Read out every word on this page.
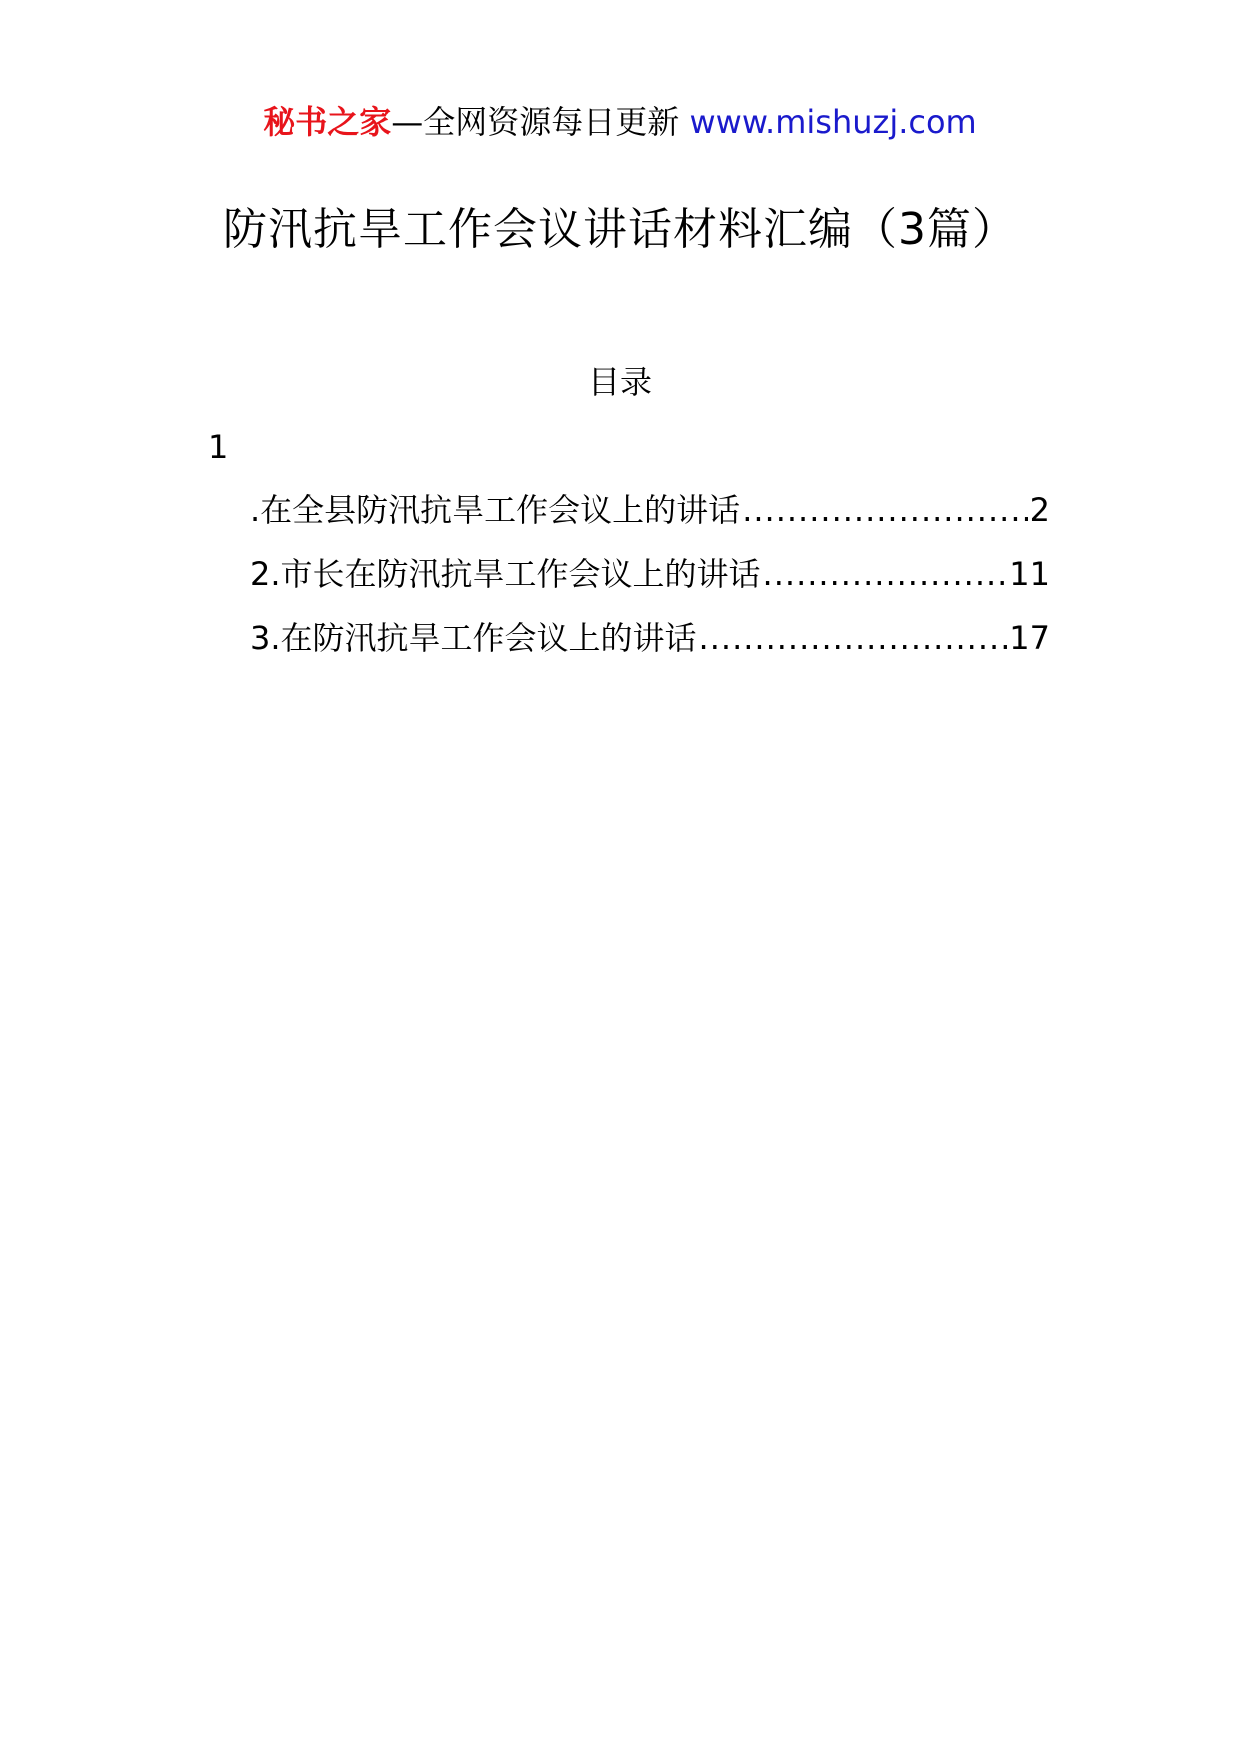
秘书之家—全网资源每日更新 www.mishuzj.com
防汛抗旱工作会议讲话材料汇编（3篇）
目录
1
.在全县防汛抗旱工作会议上的讲话 .....	2
2.市长在防汛抗旱工作会议上的讲话 .....	11
3.在防汛抗旱工作会议上的讲话 .....	17
